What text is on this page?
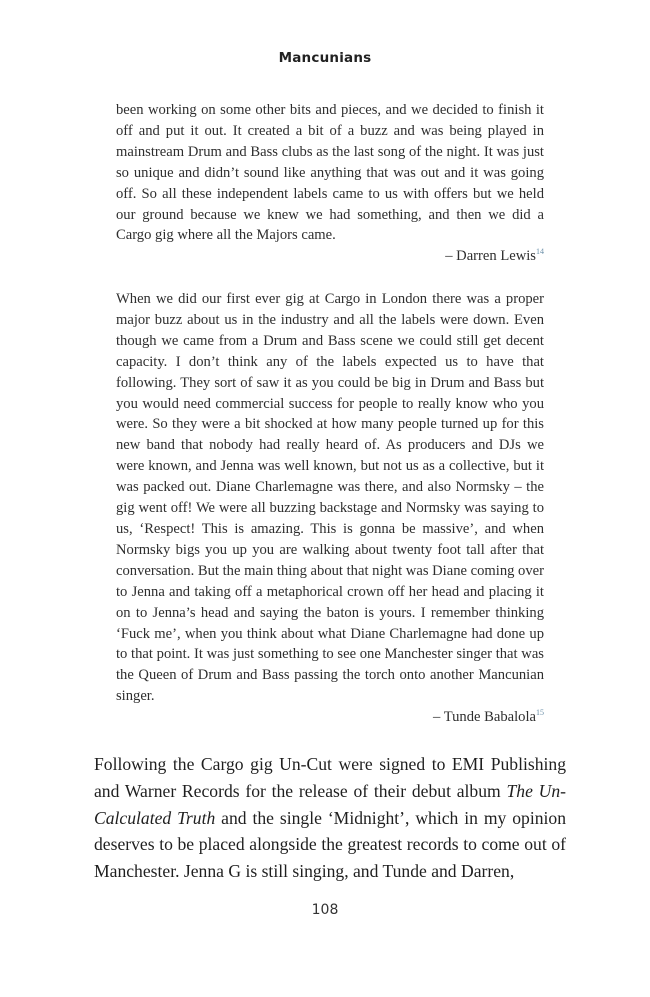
Mancunians

been working on some other bits and pieces, and we decided to finish it off and put it out. It created a bit of a buzz and was being played in mainstream Drum and Bass clubs as the last song of the night. It was just so unique and didn’t sound like anything that was out and it was going off. So all these independent labels came to us with offers but we held our ground because we knew we had something, and then we did a Cargo gig where all the Majors came.

– Darren Lewis$^{14}$

When we did our first ever gig at Cargo in London there was a proper major buzz about us in the industry and all the labels were down. Even though we came from a Drum and Bass scene we could still get decent capacity. I don’t think any of the labels expected us to have that following. They sort of saw it as you could be big in Drum and Bass but you would need commercial success for people to really know who you were. So they were a bit shocked at how many people turned up for this new band that nobody had really heard of. As producers and DJs we were known, and Jenna was well known, but not us as a collective, but it was packed out. Diane Charlemagne was there, and also Normsky – the gig went off! We were all buzzing backstage and Normsky was saying to us, ‘Respect! This is amazing. This is gonna be massive’, and when Normsky bigs you up you are walking about twenty foot tall after that conversation. But the main thing about that night was Diane coming over to Jenna and taking off a metaphorical crown off her head and placing it on to Jenna’s head and saying the baton is yours. I remember thinking ‘Fuck me’, when you think about what Diane Charlemagne had done up to that point. It was just something to see one Manchester singer that was the Queen of Drum and Bass passing the torch onto another Mancunian singer.

– Tunde Babalola$^{15}$

Following the Cargo gig Un-Cut were signed to EMI Publishing and Warner Records for the release of their debut album The Un-Calculated Truth and the single ‘Midnight’, which in my opinion deserves to be placed alongside the greatest records to come out of Manchester. Jenna G is still singing, and Tunde and Darren,

108
